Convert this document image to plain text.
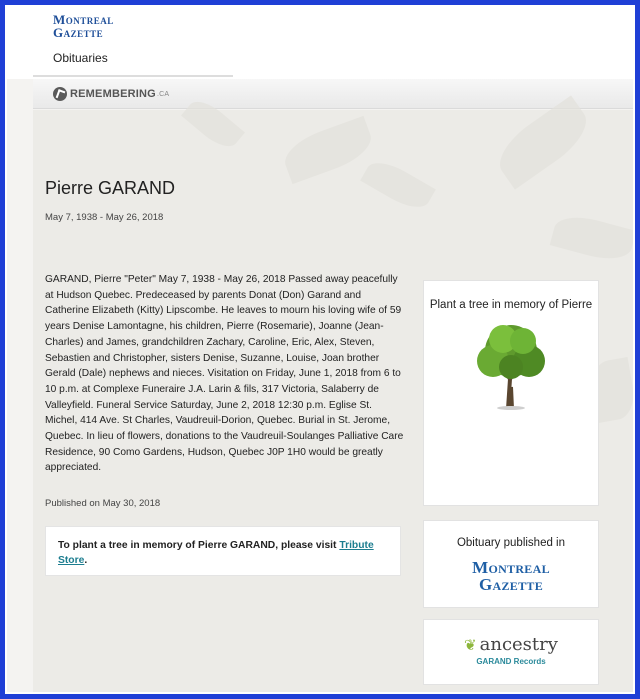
Montreal
Gazette
Obituaries
REMEMBERING .CA
Pierre GARAND
May 7, 1938 - May 26, 2018
GARAND, Pierre "Peter" May 7, 1938 - May 26, 2018 Passed away peacefully at Hudson Quebec. Predeceased by parents Donat (Don) Garand and Catherine Elizabeth (Kitty) Lipscombe. He leaves to mourn his loving wife of 59 years Denise Lamontagne, his children, Pierre (Rosemarie), Joanne (Jean-Charles) and James, grandchildren Zachary, Caroline, Eric, Alex, Steven, Sebastien and Christopher, sisters Denise, Suzanne, Louise, Joan brother Gerald (Dale) nephews and nieces. Visitation on Friday, June 1, 2018 from 6 to 10 p.m. at Complexe Funeraire J.A. Larin & fils, 317 Victoria, Salaberry de Valleyfield. Funeral Service Saturday, June 2, 2018 12:30 p.m. Eglise St. Michel, 414 Ave. St Charles, Vaudreuil-Dorion, Quebec. Burial in St. Jerome, Quebec. In lieu of flowers, donations to the Vaudreuil-Soulanges Palliative Care Residence, 90 Como Gardens, Hudson, Quebec J0P 1H0 would be greatly appreciated.
Published on May 30, 2018
To plant a tree in memory of Pierre GARAND, please visit Tribute Store.
Plant a tree in memory of Pierre
Obituary published in
Montreal
Gazette
❦ ancestry
GARAND Records
